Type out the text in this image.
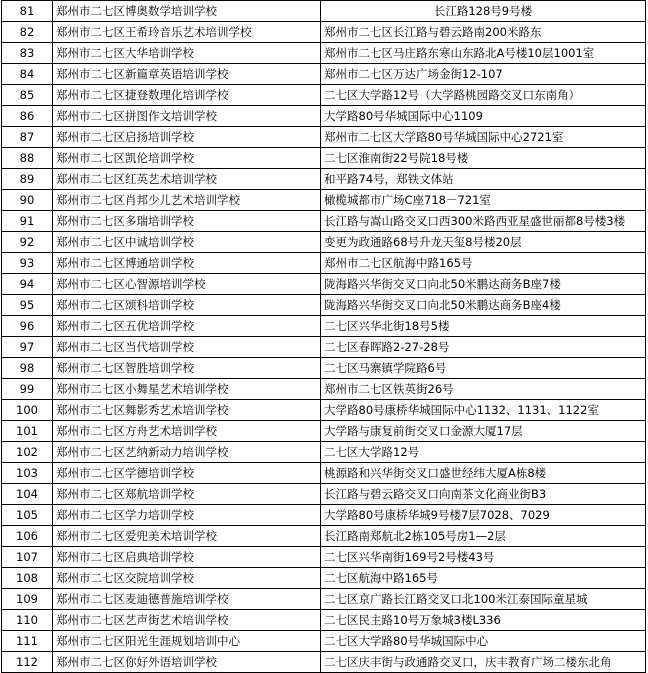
81	郑州市二七区博奥数学培训学校	长江路128号9号楼
82	郑州市二七区王希玲音乐艺术培训学校	郑州市二七区长江路与碧云路南200米路东
83	郑州市二七区大华培训学校	郑州市二七区马庄路东寒山东路北A号楼10层1001室
84	郑州市二七区新篇章英语培训学校	郑州市二七区万达广场金街12-107
85	郑州市二七区捷登数理化培训学校	二七区大学路12号（大学路桃园路交叉口东南角）
86	郑州市二七区拼图作文培训学校	大学路80号华城国际中心1109
87	郑州市二七区启扬培训学校	郑州市二七区大学路80号华城国际中心2721室
88	郑州市二七区凯伦培训学校	二七区淮南街22号院18号楼
89	郑州市二七区红英艺术培训学校	和平路74号，郑铁文体站
90	郑州市二七区肖邦少儿艺术培训学校	橄榄城都市广场C座718－721室
91	郑州市二七区多瑞培训学校	长江路与嵩山路交叉口西300米路西亚星盛世丽都8号楼3楼
92	郑州市二七区中诚培训学校	变更为政通路68号升龙天玺8号楼20层
93	郑州市二七区博通培训学校	郑州市二七区航海中路165号
94	郑州市二七区心智源培训学校	陇海路兴华街交叉口向北50米鹏达商务B座7楼
95	郑州市二七区颂科培训学校	陇海路兴华街交叉口向北50米鹏达商务B座4楼
96	郑州市二七区五优培训学校	二七区兴华北街18号5楼
97	郑州市二七区当代培训学校	二七区春晖路2-27-28号
98	郑州市二七区智胜培训学校	二七区马寨镇学院路6号
99	郑州市二七区小舞星艺术培训学校	郑州市二七区铁英街26号
100	郑州市二七区舞影秀艺术培训学校	大学路80号康桥华城国际中心1132、1131、1122室
101	郑州市二七区方舟艺术培训学校	大学路与康复前街交叉口金源大厦17层
102	郑州市二七区艺纳新动力培训学校	二七区大学路12号
103	郑州市二七区学德培训学校	桃源路和兴华街交叉口盛世经纬大厦A栋8楼
104	郑州市二七区郑航培训学校	长江路与碧云路交叉口向南茶文化商业街B3
105	郑州市二七区学力培训学校	大学路80号康桥华城9号楼7层7028、7029
106	郑州市二七区爱兜美术培训学校	长江路南郑航北2栋105号房1—2层
107	郑州市二七区启典培训学校	二七区兴华南街169号2号楼43号
108	郑州市二七区交院培训学校	二七区航海中路165号
109	郑州市二七区麦迪德普施培训学校	二七区京广路长江路交叉口北100米江泰国际童星城
110	郑州市二七区艺声街艺术培训学校	二七区民主路10号万象城3楼L336
111	郑州市二七区阳光生涯规划培训中心	二七区大学路80号华城国际中心
112	郑州市二七区你好外语培训学校	二七区庆丰街与政通路交叉口，庆丰教育广场二楼东北角
